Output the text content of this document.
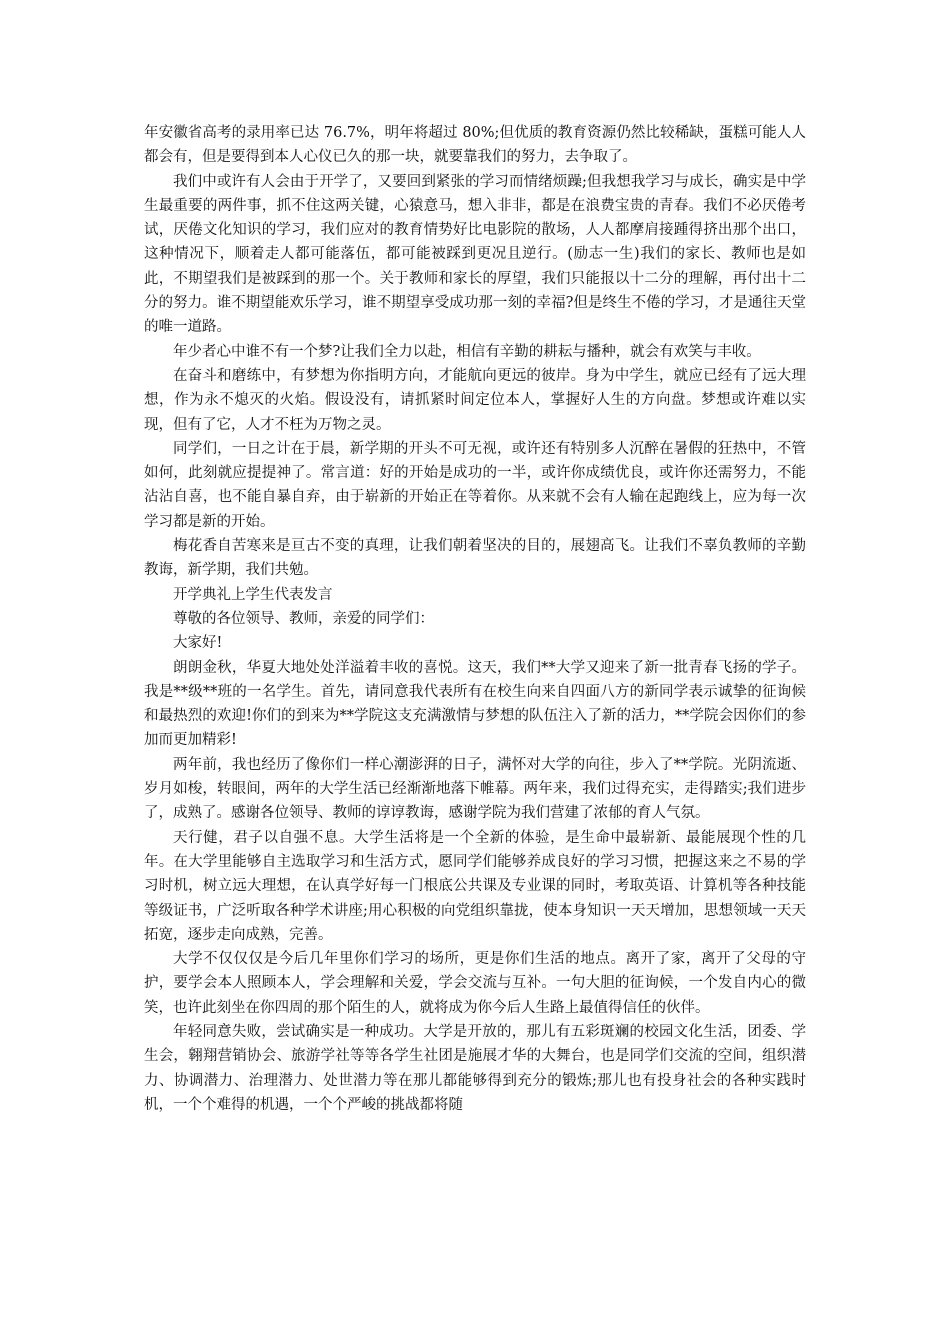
年安徽省高考的录用率已达 76.7%，明年将超过 80%;但优质的教育资源仍然比较稀缺，蛋糕可能人人都会有，但是要得到本人心仪已久的那一块，就要靠我们的努力，去争取了。

我们中或许有人会由于开学了，又要回到紧张的学习而情绪烦躁;但我想我学习与成长，确实是中学生最重要的两件事，抓不住这两关键，心猿意马，想入非非，都是在浪费宝贵的青春。我们不必厌倦考试，厌倦文化知识的学习，我们应对的教育情势好比电影院的散场，人人都摩肩接踵得挤出那个出口，这种情况下，顺着走人都可能落伍，都可能被踩到更况且逆行。(励志一生)我们的家长、教师也是如此，不期望我们是被踩到的那一个。关于教师和家长的厚望，我们只能报以十二分的理解，再付出十二分的努力。谁不期望能欢乐学习，谁不期望享受成功那一刻的幸福?但是终生不倦的学习，才是通往天堂的唯一道路。

年少者心中谁不有一个梦?让我们全力以赴，相信有辛勤的耕耘与播种，就会有欢笑与丰收。

在奋斗和磨练中，有梦想为你指明方向，才能航向更远的彼岸。身为中学生，就应已经有了远大理想，作为永不熄灭的火焰。假设没有，请抓紧时间定位本人，掌握好人生的方向盘。梦想或许难以实现，但有了它，人才不枉为万物之灵。

同学们，一日之计在于晨，新学期的开头不可无视，或许还有特别多人沉醉在暑假的狂热中，不管如何，此刻就应提提神了。常言道：好的开始是成功的一半，或许你成绩优良，或许你还需努力，不能沾沾自喜，也不能自暴自弃，由于崭新的开始正在等着你。从来就不会有人输在起跑线上，应为每一次学习都是新的开始。

梅花香自苦寒来是亘古不变的真理，让我们朝着坚决的目的，展翅高飞。让我们不辜负教师的辛勤教诲，新学期，我们共勉。

开学典礼上学生代表发言

尊敬的各位领导、教师，亲爱的同学们：

大家好!

朗朗金秋，华夏大地处处洋溢着丰收的喜悦。这天，我们**大学又迎来了新一批青春飞扬的学子。我是**级**班的一名学生。首先，请同意我代表所有在校生向来自四面八方的新同学表示诚挚的征询候和最热烈的欢迎!你们的到来为**学院这支充满激情与梦想的队伍注入了新的活力，**学院会因你们的参加而更加精彩!

两年前，我也经历了像你们一样心潮澎湃的日子，满怀对大学的向往，步入了**学院。光阴流逝、岁月如梭，转眼间，两年的大学生活已经渐渐地落下帷幕。两年来，我们过得充实，走得踏实;我们进步了，成熟了。感谢各位领导、教师的谆谆教诲，感谢学院为我们营建了浓郁的育人气氛。

天行健，君子以自强不息。大学生活将是一个全新的体验，是生命中最崭新、最能展现个性的几年。在大学里能够自主选取学习和生活方式，愿同学们能够养成良好的学习习惯，把握这来之不易的学习时机，树立远大理想，在认真学好每一门根底公共课及专业课的同时，考取英语、计算机等各种技能等级证书，广泛听取各种学术讲座;用心积极的向党组织靠拢，使本身知识一天天增加，思想领域一天天拓宽，逐步走向成熟，完善。

大学不仅仅仅是今后几年里你们学习的场所，更是你们生活的地点。离开了家，离开了父母的守护，要学会本人照顾本人，学会理解和关爱，学会交流与互补。一句大胆的征询候，一个发自内心的微笑，也许此刻坐在你四周的那个陌生的人，就将成为你今后人生路上最值得信任的伙伴。

年轻同意失败，尝试确实是一种成功。大学是开放的，那儿有五彩斑斓的校园文化生活，团委、学生会，翱翔营销协会、旅游学社等等各学生社团是施展才华的大舞台，也是同学们交流的空间，组织潜力、协调潜力、治理潜力、处世潜力等在那儿都能够得到充分的锻炼;那儿也有投身社会的各种实践时机，一个个难得的机遇，一个个严峻的挑战都将随
